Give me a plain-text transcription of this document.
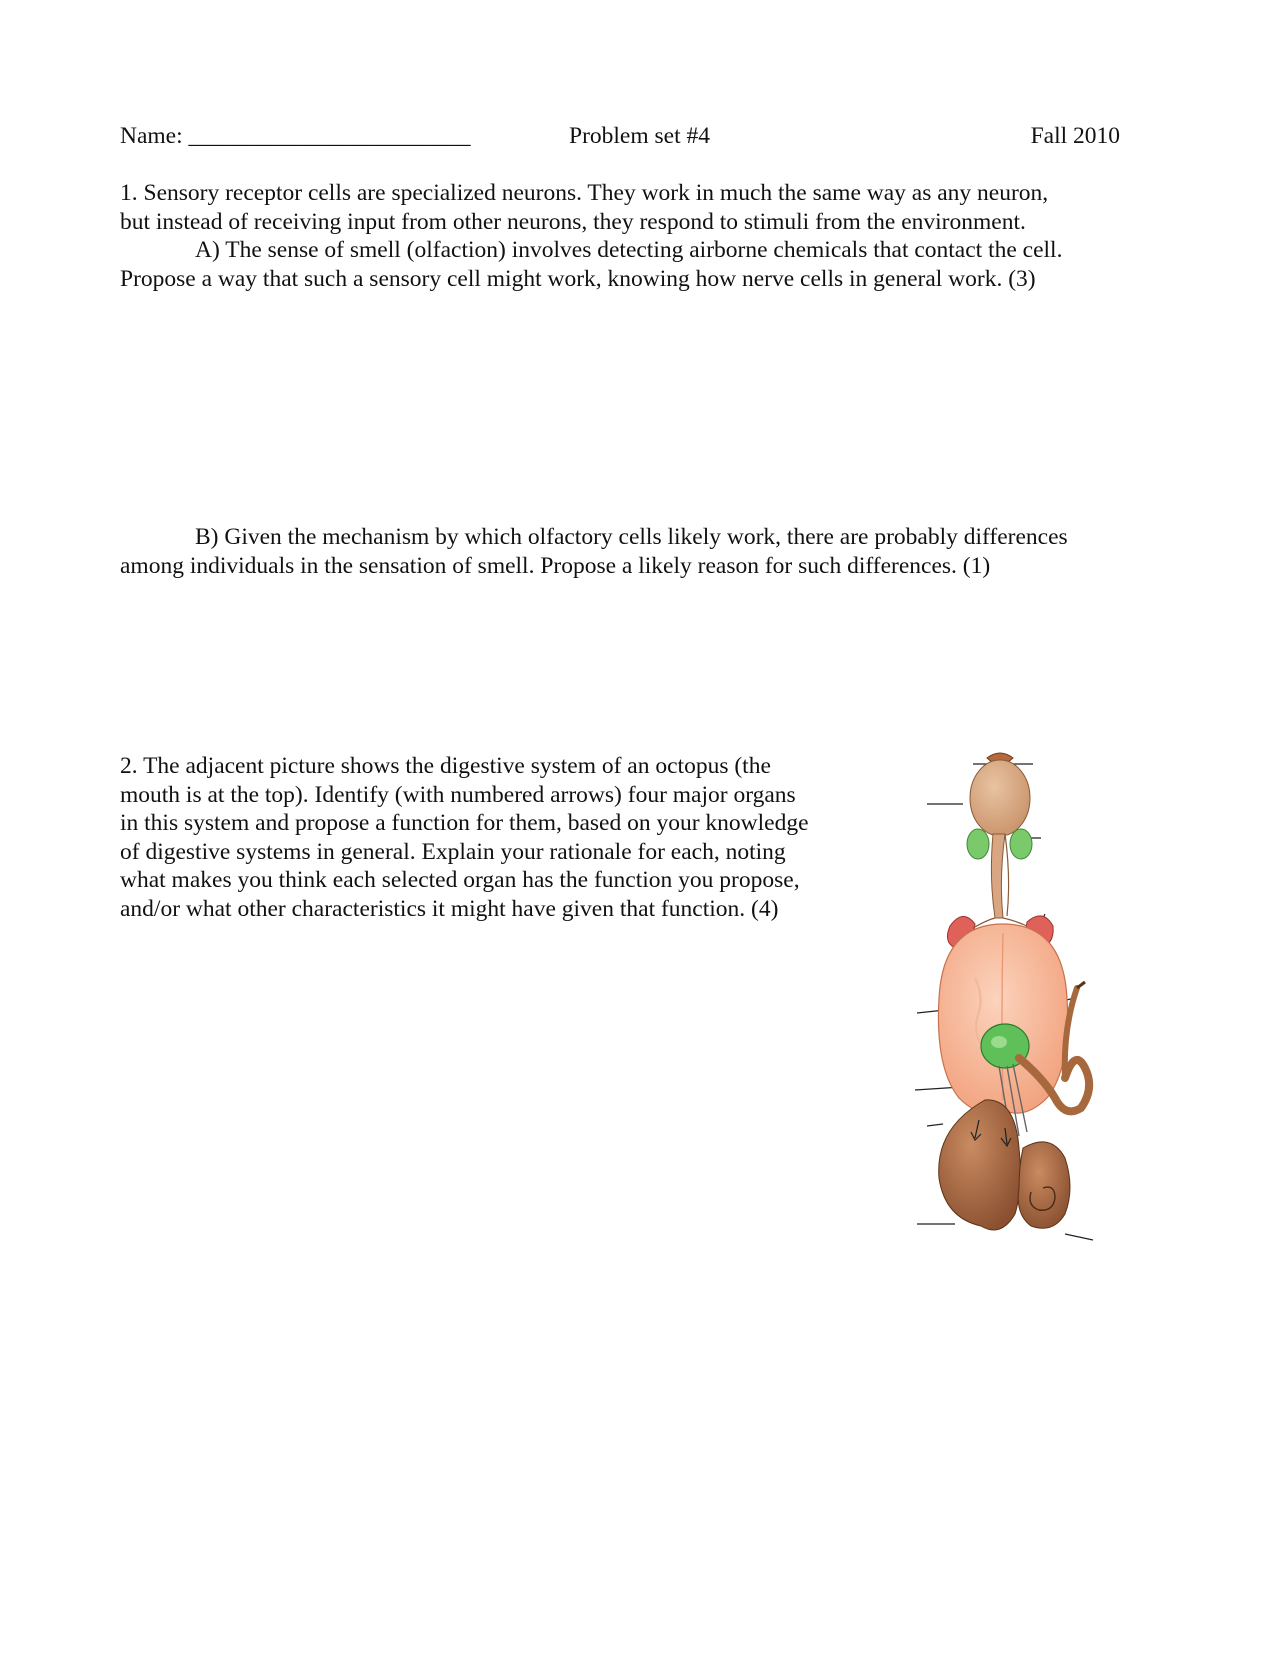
Name: ________________________	Problem set #4	Fall 2010
1. Sensory receptor cells are specialized neurons. They work in much the same way as any neuron,
but instead of receiving input from other neurons, they respond to stimuli from the environment.
A) The sense of smell (olfaction) involves detecting airborne chemicals that contact the cell.
Propose a way that such a sensory cell might work, knowing how nerve cells in general work. (3)
B) Given the mechanism by which olfactory cells likely work, there are probably differences
among individuals in the sensation of smell. Propose a likely reason for such differences. (1)
2. The adjacent picture shows the digestive system of an octopus (the
mouth is at the top). Identify (with numbered arrows) four major organs
in this system and propose a function for them, based on your knowledge
of digestive systems in general. Explain your rationale for each, noting
what makes you think each selected organ has the function you propose,
and/or what other characteristics it might have given that function. (4)
